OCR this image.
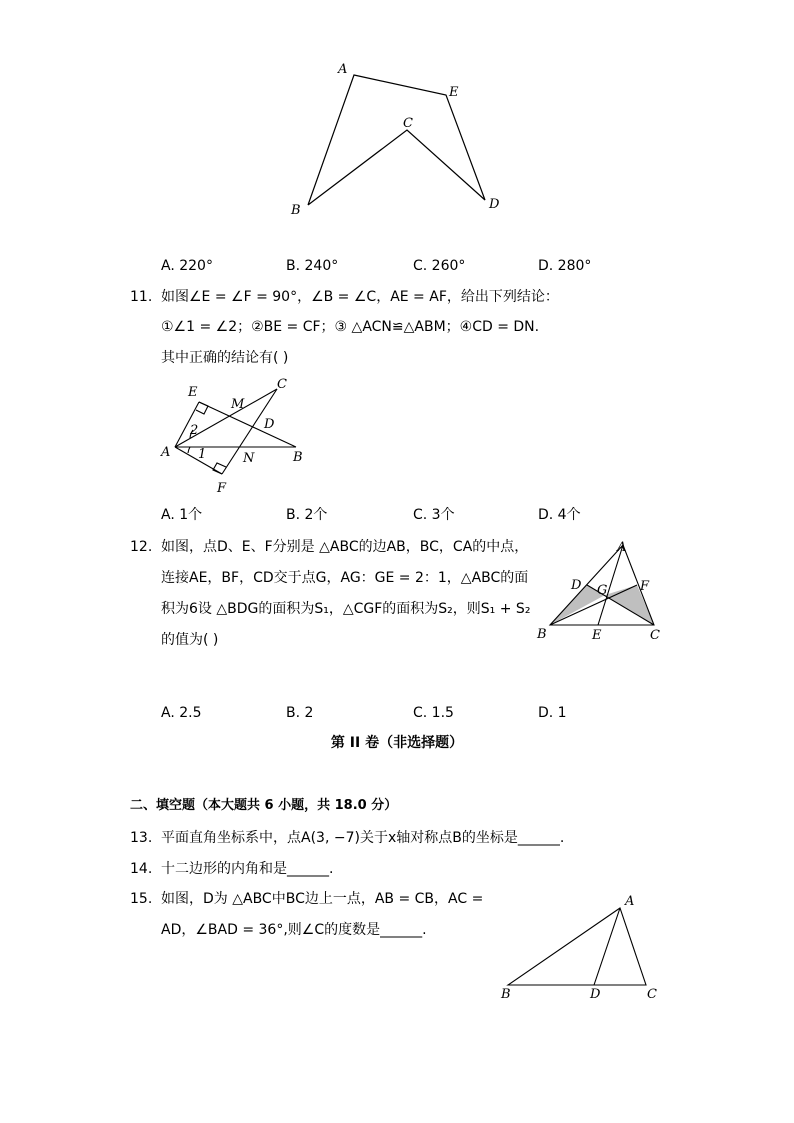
A
E
C
B	D
A. 220°	B. 240°	C. 260°	D. 280°
11. 如图∠E = ∠F = 90°，∠B = ∠C，AE = AF，给出下列结论：
①∠1 = ∠2；②BE = CF；③ △ACN≌△ABM；④CD = DN.
其中正确的结论有( )
E
C
M
D
2
A 1	N	B
F
A. 1个	B. 2个	C. 3个	D. 4个
12. 如图，点D、E、F分别是 △ABC的边AB，BC，CA的中点，
连接AE，BF，CD交于点G，AG：GE = 2：1，△ABC的面
积为6设 △BDG的面积为S₁，△CGF的面积为S₂，则S₁ + S₂
的值为( )
A
D	F
G
B	E	C
A. 2.5	B. 2	C. 1.5	D. 1
第 II 卷（非选择题）
二、填空题（本大题共 6 小题，共 18.0 分）
13. 平面直角坐标系中，点A(3, −7)关于x轴对称点B的坐标是______.
14. 十二边形的内角和是______.
15. 如图，D为 △ABC中BC边上一点，AB = CB，AC =
AD，∠BAD = 36°,则∠C的度数是______.
A
B	D	C
